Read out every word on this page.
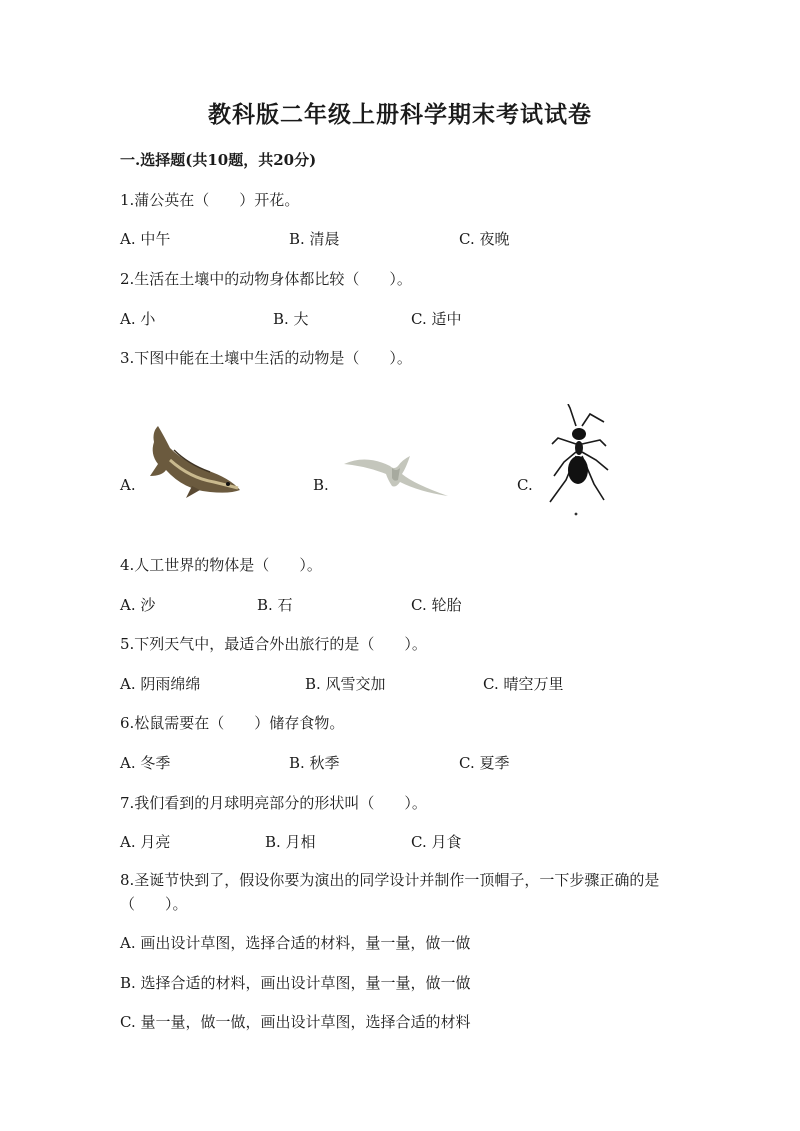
教科版二年级上册科学期末考试试卷
一.选择题(共10题，共20分)
1.蒲公英在（　　）开花。
A. 中午	B. 清晨	C. 夜晚
2.生活在土壤中的动物身体都比较（　　）。
A. 小	B. 大	C. 适中
3.下图中能在土壤中生活的动物是（　　）。
A.	B.	C.
4.人工世界的物体是（　　）。
A. 沙	B. 石	C. 轮胎
5.下列天气中，最适合外出旅行的是（　　）。
A. 阴雨绵绵	B. 风雪交加	C. 晴空万里
6.松鼠需要在（　　）储存食物。
A. 冬季	B. 秋季	C. 夏季
7.我们看到的月球明亮部分的形状叫（　　）。
A. 月亮	B. 月相	C. 月食
8.圣诞节快到了，假设你要为演出的同学设计并制作一顶帽子，一下步骤正确的是（　　）。
A. 画出设计草图，选择合适的材料，量一量，做一做
B. 选择合适的材料，画出设计草图，量一量，做一做
C. 量一量，做一做，画出设计草图，选择合适的材料
